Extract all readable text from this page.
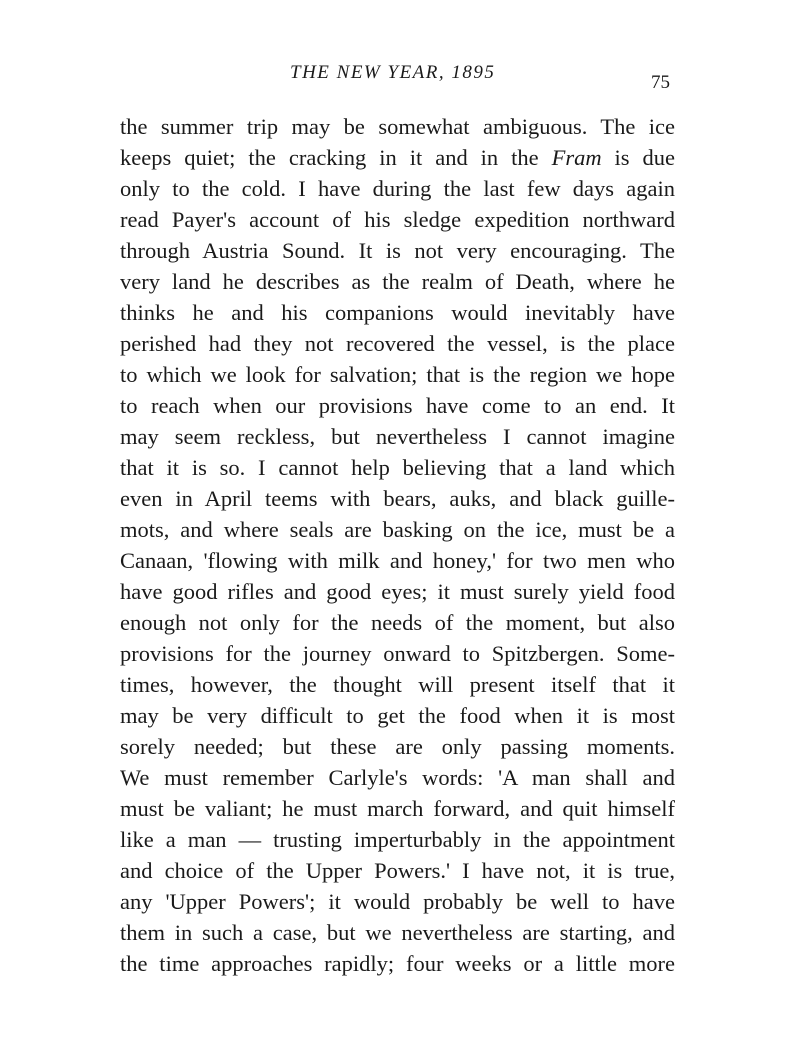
THE NEW YEAR, 1895	75
the summer trip may be somewhat ambiguous. The ice
keeps quiet; the cracking in it and in the Fram is due
only to the cold. I have during the last few days again
read Payer's account of his sledge expedition northward
through Austria Sound. It is not very encouraging. The
very land he describes as the realm of Death, where he
thinks he and his companions would inevitably have
perished had they not recovered the vessel, is the place
to which we look for salvation; that is the region we hope
to reach when our provisions have come to an end. It
may seem reckless, but nevertheless I cannot imagine
that it is so. I cannot help believing that a land which
even in April teems with bears, auks, and black guille-
mots, and where seals are basking on the ice, must be a
Canaan, 'flowing with milk and honey,' for two men who
have good rifles and good eyes; it must surely yield food
enough not only for the needs of the moment, but also
provisions for the journey onward to Spitzbergen. Some-
times, however, the thought will present itself that it
may be very difficult to get the food when it is most
sorely needed; but these are only passing moments.
We must remember Carlyle's words: 'A man shall and
must be valiant; he must march forward, and quit himself
like a man — trusting imperturbably in the appointment
and choice of the Upper Powers.' I have not, it is true,
any 'Upper Powers'; it would probably be well to have
them in such a case, but we nevertheless are starting, and
the time approaches rapidly; four weeks or a little more
